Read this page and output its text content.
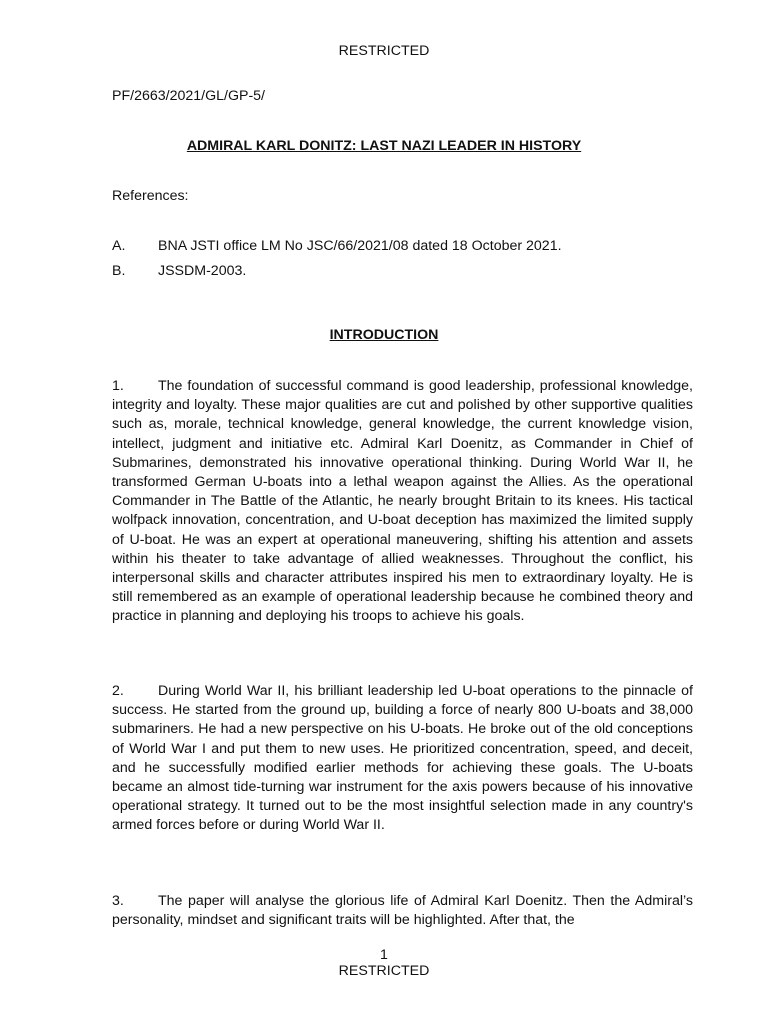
RESTRICTED
PF/2663/2021/GL/GP-5/
ADMIRAL KARL DONITZ: LAST NAZI LEADER IN HISTORY
References:
A. BNA JSTI office LM No JSC/66/2021/08 dated 18 October 2021.
B. JSSDM-2003.
INTRODUCTION

1. The foundation of successful command is good leadership, professional knowledge, integrity and loyalty. These major qualities are cut and polished by other supportive qualities such as, morale, technical knowledge, general knowledge, the current knowledge vision, intellect, judgment and initiative etc. Admiral Karl Doenitz, as Commander in Chief of Submarines, demonstrated his innovative operational thinking. During World War II, he transformed German U-boats into a lethal weapon against the Allies. As the operational Commander in The Battle of the Atlantic, he nearly brought Britain to its knees. His tactical wolfpack innovation, concentration, and U-boat deception has maximized the limited supply of U-boat. He was an expert at operational maneuvering, shifting his attention and assets within his theater to take advantage of allied weaknesses. Throughout the conflict, his interpersonal skills and character attributes inspired his men to extraordinary loyalty. He is still remembered as an example of operational leadership because he combined theory and practice in planning and deploying his troops to achieve his goals.

2. During World War II, his brilliant leadership led U-boat operations to the pinnacle of success. He started from the ground up, building a force of nearly 800 U-boats and 38,000 submariners. He had a new perspective on his U-boats. He broke out of the old conceptions of World War I and put them to new uses. He prioritized concentration, speed, and deceit, and he successfully modified earlier methods for achieving these goals. The U-boats became an almost tide-turning war instrument for the axis powers because of his innovative operational strategy. It turned out to be the most insightful selection made in any country's armed forces before or during World War II.

3. The paper will analyse the glorious life of Admiral Karl Doenitz. Then the Admiral’s personality, mindset and significant traits will be highlighted. After that, the

1
RESTRICTED
